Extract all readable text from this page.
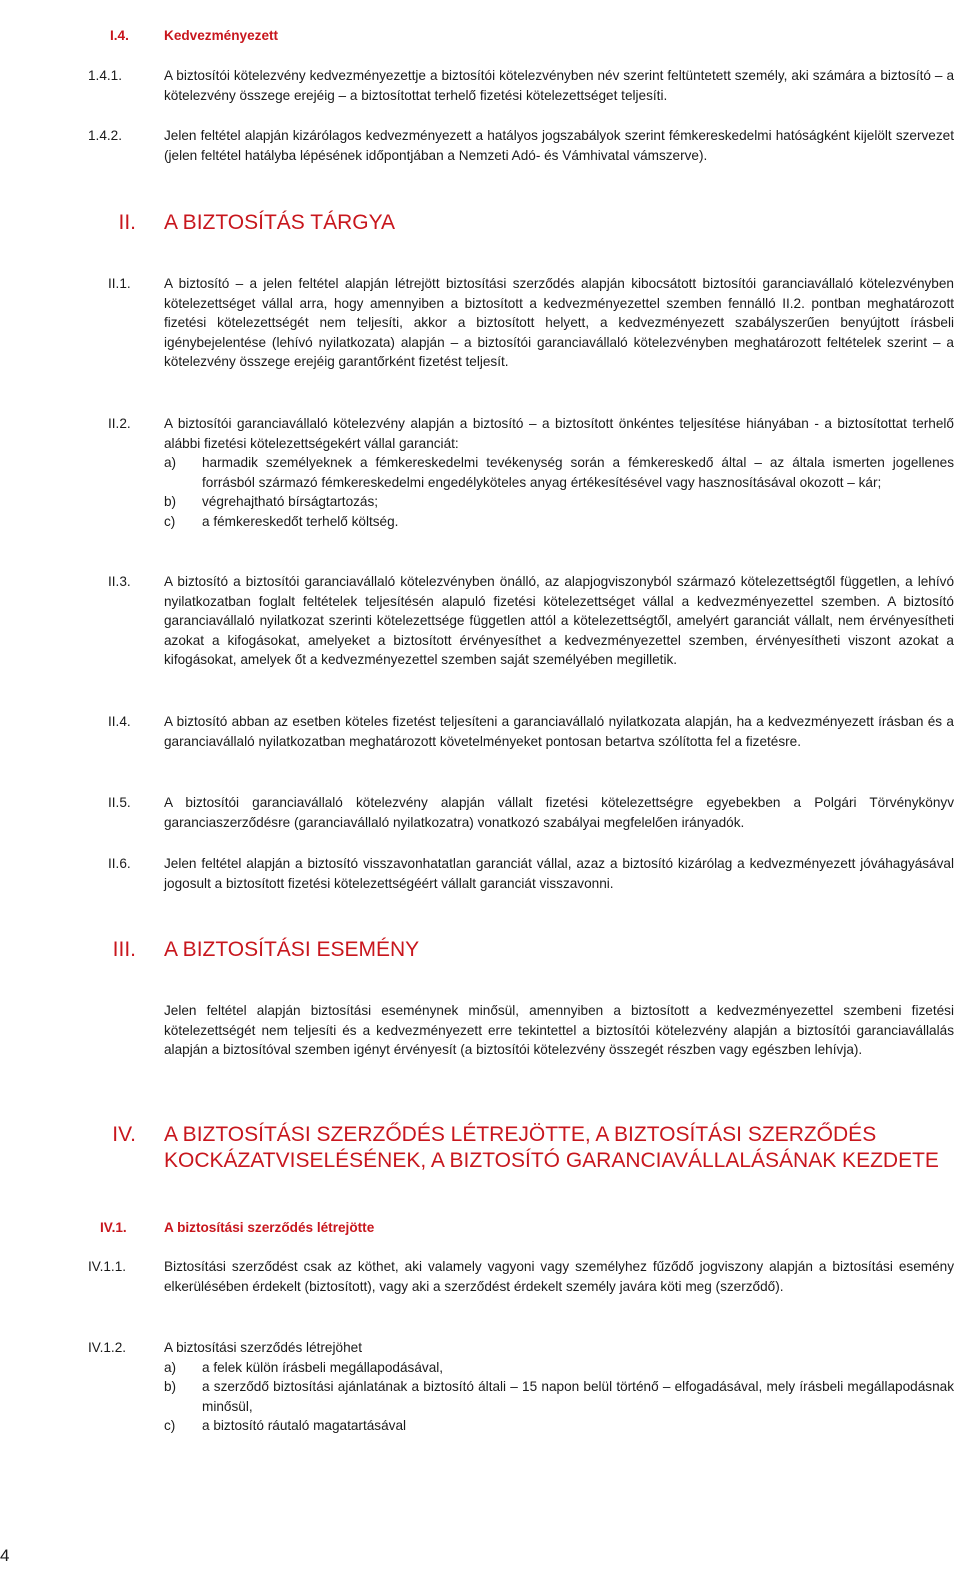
I.4.	Kedvezményezett
1.4.1.	A biztosítói kötelezvény kedvezményezettje a biztosítói kötelezvényben név szerint feltüntetett személy, aki számára a biztosító – a kötelezvény összege erejéig – a biztosítottat terhelő fizetési kötelezettséget teljesíti.
1.4.2.	Jelen feltétel alapján kizárólagos kedvezményezett a hatályos jogszabályok szerint fémkereskedelmi hatóságként kijelölt szervezet (jelen feltétel hatályba lépésének időpontjában a Nemzeti Adó- és Vámhivatal vámszerve).
II.	A BIZTOSÍTÁS TÁRGYA
II.1.	A biztosító – a jelen feltétel alapján létrejött biztosítási szerződés alapján kibocsátott biztosítói garanciavállaló kötelezvényben kötelezettséget vállal arra, hogy amennyiben a biztosított a kedvezményezettel szemben fennálló II.2. pontban meghatározott fizetési kötelezettségét nem teljesíti, akkor a biztosított helyett, a kedvezményezett szabályszerűen benyújtott írásbeli igénybejelentése (lehívó nyilatkozata) alapján – a biztosítói garanciavállaló kötelezvényben meghatározott feltételek szerint – a kötelezvény összege erejéig garantőrként fizetést teljesít.
II.2.	A biztosítói garanciavállaló kötelezvény alapján a biztosító – a biztosított önkéntes teljesítése hiányában - a biztosítottat terhelő alábbi fizetési kötelezettségekért vállal garanciát:
a)	harmadik személyeknek a fémkereskedelmi tevékenység során a fémkereskedő által – az általa ismerten jogellenes forrásból származó fémkereskedelmi engedélyköteles anyag értékesítésével vagy hasznosításával okozott – kár;
b)	végrehajtható bírságtartozás;
c)	a fémkereskedőt terhelő költség.
II.3.	A biztosító a biztosítói garanciavállaló kötelezvényben önálló, az alapjogviszonyból származó kötelezettségtől független, a lehívó nyilatkozatban foglalt feltételek teljesítésén alapuló fizetési kötelezettséget vállal a kedvezményezettel szemben. A biztosító garanciavállaló nyilatkozat szerinti kötelezettsége független attól a kötelezettségtől, amelyért garanciát vállalt, nem érvényesítheti azokat a kifogásokat, amelyeket a biztosított érvényesíthet a kedvezményezettel szemben, érvényesítheti viszont azokat a kifogásokat, amelyek őt a kedvezményezettel szemben saját személyében megilletik.
II.4.	A biztosító abban az esetben köteles fizetést teljesíteni a garanciavállaló nyilatkozata alapján, ha a kedvezményezett írásban és a garanciavállaló nyilatkozatban meghatározott követelményeket pontosan betartva szólította fel a fizetésre.
II.5.	A biztosítói garanciavállaló kötelezvény alapján vállalt fizetési kötelezettségre egyebekben a Polgári Törvénykönyv garanciaszerződésre (garanciavállaló nyilatkozatra) vonatkozó szabályai megfelelően irányadók.
II.6.	Jelen feltétel alapján a biztosító visszavonhatatlan garanciát vállal, azaz a biztosító kizárólag a kedvezményezett jóváhagyásával jogosult a biztosított fizetési kötelezettségéért vállalt garanciát visszavonni.
III.	A BIZTOSÍTÁSI ESEMÉNY
Jelen feltétel alapján biztosítási eseménynek minősül, amennyiben a biztosított a kedvezményezettel szembeni fizetési kötelezettségét nem teljesíti és a kedvezményezett erre tekintettel a biztosítói kötelezvény alapján a biztosítói garanciavállalás alapján a biztosítóval szemben igényt érvényesít (a biztosítói kötelezvény összegét részben vagy egészben lehívja).
IV.	A BIZTOSÍTÁSI SZERZŐDÉS LÉTREJÖTTE, A BIZTOSÍTÁSI SZERZŐDÉS
KOCKÁZATVISELÉSÉNEK, A BIZTOSÍTÓ GARANCIAVÁLLALÁSÁNAK KEZDETE
IV.1.	A biztosítási szerződés létrejötte
IV.1.1.	Biztosítási szerződést csak az köthet, aki valamely vagyoni vagy személyhez fűződő jogviszony alapján a biztosítási esemény elkerülésében érdekelt (biztosított), vagy aki a szerződést érdekelt személy javára köti meg (szerződő).
IV.1.2.	A biztosítási szerződés létrejöhet
a)	a felek külön írásbeli megállapodásával,
b)	a szerződő biztosítási ajánlatának a biztosító általi – 15 napon belül történő – elfogadásával, mely írásbeli megállapodásnak minősül,
c)	a biztosító ráutaló magatartásával
4
